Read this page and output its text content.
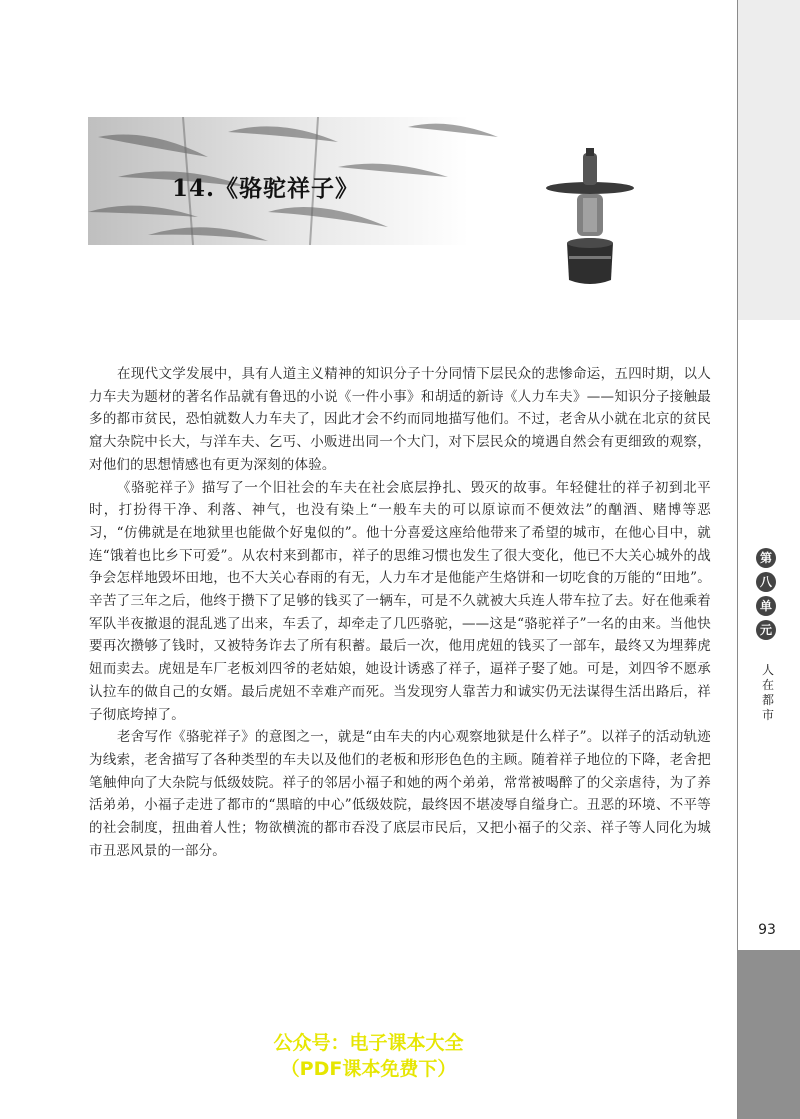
第
八
单
元
人在都市
93
14.《骆驼祥子》

在现代文学发展中，具有人道主义精神的知识分子十分同情下层民众的悲惨命运，五四时期，以人力车夫为题材的著名作品就有鲁迅的小说《一件小事》和胡适的新诗《人力车夫》——知识分子接触最多的都市贫民，恐怕就数人力车夫了，因此才会不约而同地描写他们。不过，老舍从小就在北京的贫民窟大杂院中长大，与洋车夫、乞丐、小贩进出同一个大门，对下层民众的境遇自然会有更细致的观察，对他们的思想情感也有更为深刻的体验。

《骆驼祥子》描写了一个旧社会的车夫在社会底层挣扎、毁灭的故事。年轻健壮的祥子初到北平时，打扮得干净、利落、神气，也没有染上“一般车夫的可以原谅而不便效法”的酗酒、赌博等恶习，“仿佛就是在地狱里也能做个好鬼似的”。他十分喜爱这座给他带来了希望的城市，在他心目中，就连“饿着也比乡下可爱”。从农村来到都市，祥子的思维习惯也发生了很大变化，他已不大关心城外的战争会怎样地毁坏田地，也不大关心春雨的有无，人力车才是他能产生烙饼和一切吃食的万能的“田地”。辛苦了三年之后，他终于攒下了足够的钱买了一辆车，可是不久就被大兵连人带车拉了去。好在他乘着军队半夜撤退的混乱逃了出来，车丢了，却牵走了几匹骆驼，——这是“骆驼祥子”一名的由来。当他快要再次攒够了钱时，又被特务诈去了所有积蓄。最后一次，他用虎妞的钱买了一部车，最终又为埋葬虎妞而卖去。虎妞是车厂老板刘四爷的老姑娘，她设计诱惑了祥子，逼祥子娶了她。可是，刘四爷不愿承认拉车的做自己的女婿。最后虎妞不幸难产而死。当发现穷人靠苦力和诚实仍无法谋得生活出路后，祥子彻底垮掉了。

老舍写作《骆驼祥子》的意图之一，就是“由车夫的内心观察地狱是什么样子”。以祥子的活动轨迹为线索，老舍描写了各种类型的车夫以及他们的老板和形形色色的主顾。随着祥子地位的下降，老舍把笔触伸向了大杂院与低级妓院。祥子的邻居小福子和她的两个弟弟，常常被喝醉了的父亲虐待，为了养活弟弟，小福子走进了都市的“黑暗的中心”低级妓院，最终因不堪凌辱自缢身亡。丑恶的环境、不平等的社会制度，扭曲着人性；物欲横流的都市吞没了底层市民后，又把小福子的父亲、祥子等人同化为城市丑恶风景的一部分。

公众号：电子课本大全
（PDF课本免费下）
